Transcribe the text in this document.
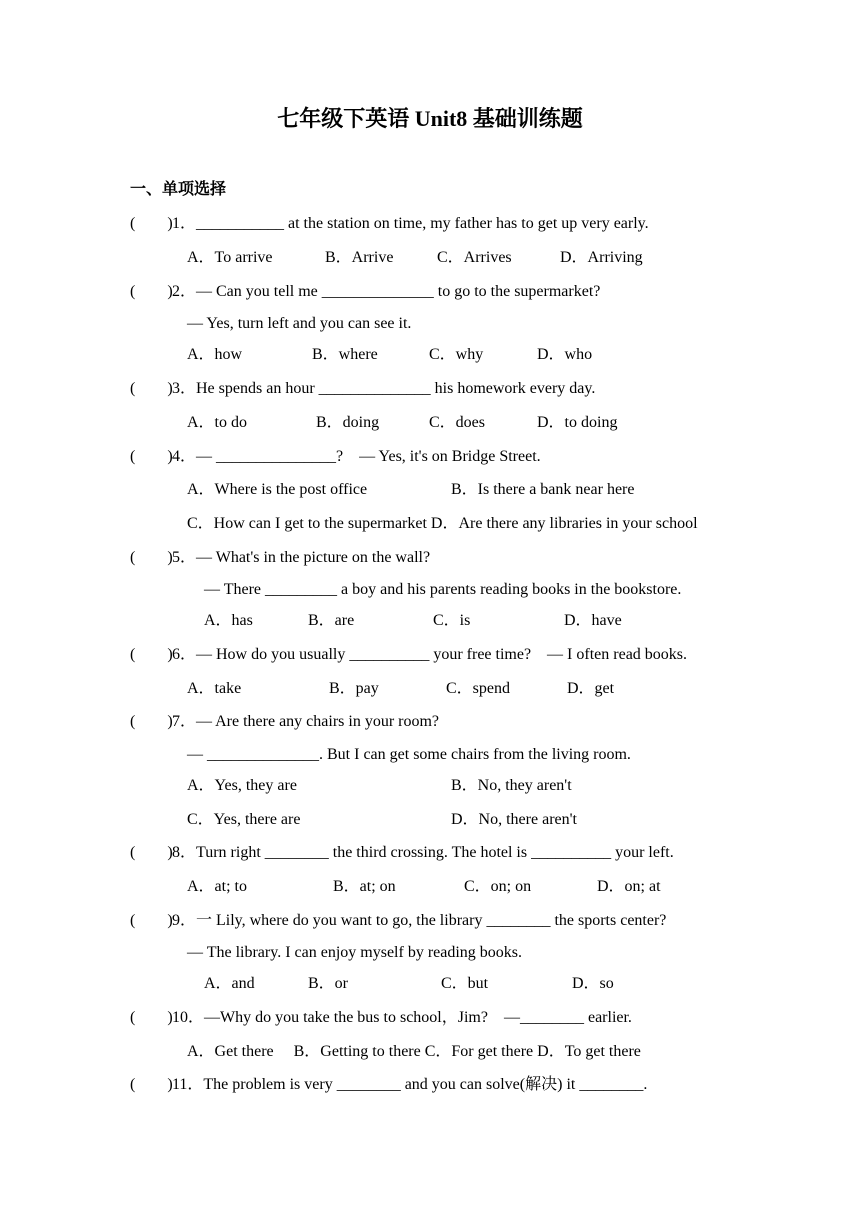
七年级下英语 Unit8 基础训练题
一、单项选择
(　　) 1．___________ at the station on time, my father has to get up very early.
A．To arrive	B．Arrive	C．Arrives	D．Arriving
(　　) 2．— Can you tell me ______________ to go to the supermarket?
— Yes, turn left and you can see it.
A．how	B．where	C．why	D．who
(　　) 3．He spends an hour ______________ his homework every day.
A．to do	B．doing	C．does	D．to doing
(　　) 4．— _______________?　— Yes, it's on Bridge Street.
A．Where is the post office	B．Is there a bank near here
C．How can I get to the supermarket D．Are there any libraries in your school
(　　) 5．— What's in the picture on the wall?
— There _________ a boy and his parents reading books in the bookstore.
A．has	B．are	C．is	D．have
(　　) 6．— How do you usually __________ your free time?　— I often read books.
A．take	B．pay	C．spend	D．get
(　　) 7．— Are there any chairs in your room?
— ______________. But I can get some chairs from the living room.
A．Yes, they are	B．No, they aren't
C．Yes, there are	D．No, there aren't
(　　) 8．Turn right ________ the third crossing. The hotel is __________ your left.
A．at; to	B．at; on	C．on; on	D．on; at
(　　) 9．一 Lily, where do you want to go, the library ________ the sports center?
— The library. I can enjoy myself by reading books.
A．and	B．or	C．but	D．so
(　　) 10．—Why do you take the bus to school，Jim?　—________ earlier.
A．Get there　 B．Getting to there C．For get there D．To get there
(　　) 11．The problem is very ________ and you can solve(解决) it ________.
